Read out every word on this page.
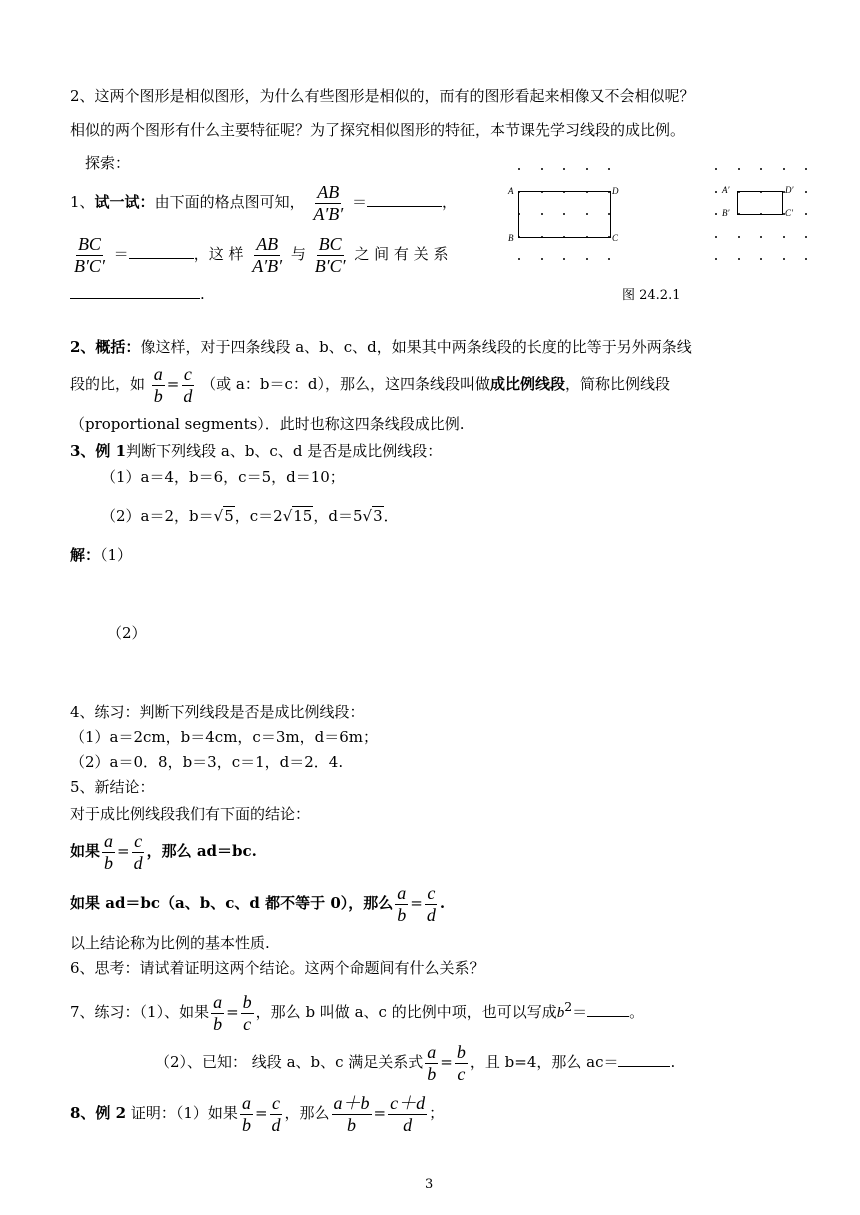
2、这两个图形是相似图形，为什么有些图形是相似的，而有的图形看起来相像又不会相似呢？
相似的两个图形有什么主要特征呢？为了探究相似图形的特征，本节课先学习线段的成比例。
探索：
1、试一试：由下面的格点图可知， $\frac{AB}{A'B'}$ ＝	，
$\frac{BC}{B'C'}$ ＝	，这 样 $\frac{AB}{A'B'}$ 与 $\frac{BC}{B'C'}$ 之 间 有 关 系
.
A	D
B	C
A′	D′
B′	C′
图 24.2.1
2、概括：像这样，对于四条线段 a、b、c、d，如果其中两条线段的长度的比等于另外两条线
段的比，如 $\frac{a}{b} = \frac{c}{d}$ （或 a：b＝c：d），那么，这四条线段叫做成比例线段，简称比例线段
（proportional segments）．此时也称这四条线段成比例.
3、例 1判断下列线段 a、b、c、d 是否是成比例线段：
（1）a＝4，b＝6，c＝5，d＝10；
（2）a＝2，b＝√5，c＝2√15，d＝5√3．
解：（1）
（2）
4、练习：判断下列线段是否是成比例线段：
（1）a＝2cm，b＝4cm，c＝3m，d＝6m；
（2）a＝0．8，b＝3，c＝1，d＝2．4.
5、新结论：
对于成比例线段我们有下面的结论：
如果 $\frac{a}{b} = \frac{c}{d}$ ，那么 ad＝bc.
如果 ad＝bc（a、b、c、d 都不等于 0），那么 $\frac{a}{b} = \frac{c}{d}$ .
以上结论称为比例的基本性质.
6、思考：请试着证明这两个结论。这两个命题间有什么关系？
7、练习：（1）、如果 $\frac{a}{b} = \frac{b}{c}$ ，那么 b 叫做 a、c 的比例中项，也可以写成$b^2=$	。
（2）、已知： 线段 a、b、c 满足关系式 $\frac{a}{b} = \frac{b}{c}$ ，且 b=4，那么 ac＝	.
8、例 2 证明：（1）如果 $\frac{a}{b} = \frac{c}{d}$ ，那么 $\frac{a+b}{b} = \frac{c+d}{d}$ ；
3
